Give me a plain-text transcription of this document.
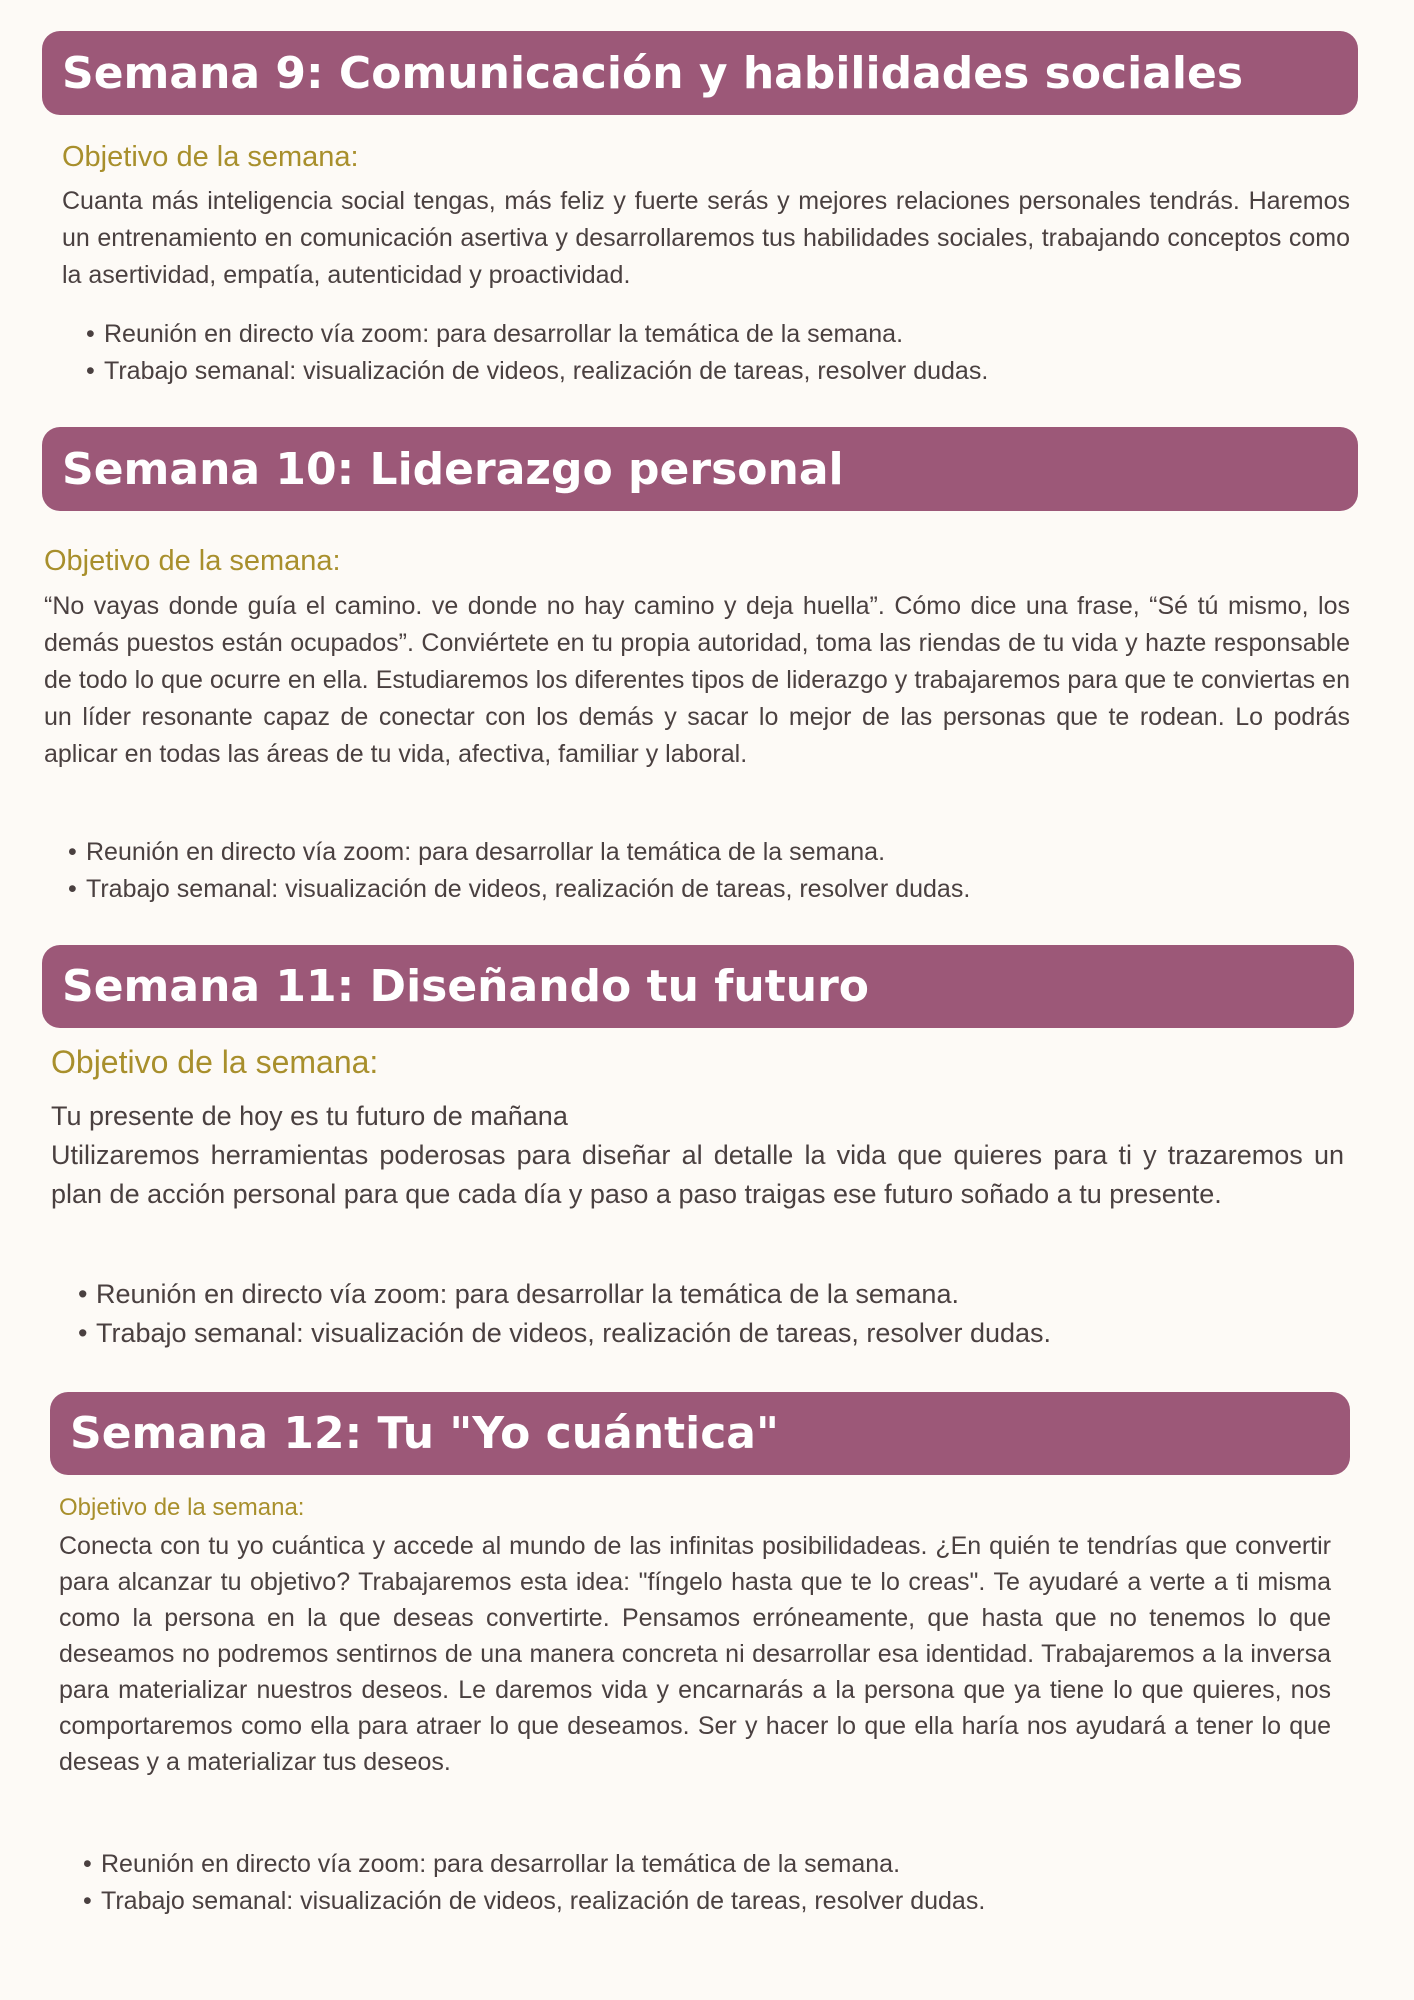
Semana 9: Comunicación y habilidades sociales
Objetivo de la semana:

Cuanta más inteligencia social tengas, más feliz y fuerte serás y mejores relaciones personales tendrás. Haremos un entrenamiento en comunicación asertiva y desarrollaremos tus habilidades sociales, trabajando conceptos como la asertividad, empatía, autenticidad y proactividad.

• Reunión en directo vía zoom: para desarrollar la temática de la semana.
• Trabajo semanal: visualización de videos, realización de tareas, resolver dudas.
Semana 10: Liderazgo personal
Objetivo de la semana:

“No vayas donde guía el camino. ve donde no hay camino y deja huella”. Cómo dice una frase, “Sé tú mismo, los demás puestos están ocupados”. Conviértete en tu propia autoridad, toma las riendas de tu vida y hazte responsable de todo lo que ocurre en ella. Estudiaremos los diferentes tipos de liderazgo y trabajaremos para que te conviertas en un líder resonante capaz de conectar con los demás y sacar lo mejor de las personas que te rodean. Lo podrás aplicar en todas las áreas de tu vida, afectiva, familiar y laboral.

• Reunión en directo vía zoom: para desarrollar la temática de la semana.
• Trabajo semanal: visualización de videos, realización de tareas, resolver dudas.
Semana 11: Diseñando tu futuro
Objetivo de la semana:

Tu presente de hoy es tu futuro de mañana

Utilizaremos herramientas poderosas para diseñar al detalle la vida que quieres para ti y trazaremos un plan de acción personal para que cada día y paso a paso traigas ese futuro soñado a tu presente.

• Reunión en directo vía zoom: para desarrollar la temática de la semana.
• Trabajo semanal: visualización de videos, realización de tareas, resolver dudas.
Semana 12: Tu "Yo cuántica"
Objetivo de la semana:

Conecta con tu yo cuántica y accede al mundo de las infinitas posibilidadeas. ¿En quién te tendrías que convertir para alcanzar tu objetivo? Trabajaremos esta idea: "fíngelo hasta que te lo creas". Te ayudaré a verte a ti misma como la persona en la que deseas convertirte. Pensamos erróneamente, que hasta que no tenemos lo que deseamos no podremos sentirnos de una manera concreta ni desarrollar esa identidad. Trabajaremos a la inversa para materializar nuestros deseos. Le daremos vida y encarnarás a la persona que ya tiene lo que quieres, nos comportaremos como ella para atraer lo que deseamos. Ser y hacer lo que ella haría nos ayudará a tener lo que deseas y a materializar tus deseos.

• Reunión en directo vía zoom: para desarrollar la temática de la semana.
• Trabajo semanal: visualización de videos, realización de tareas, resolver dudas.
